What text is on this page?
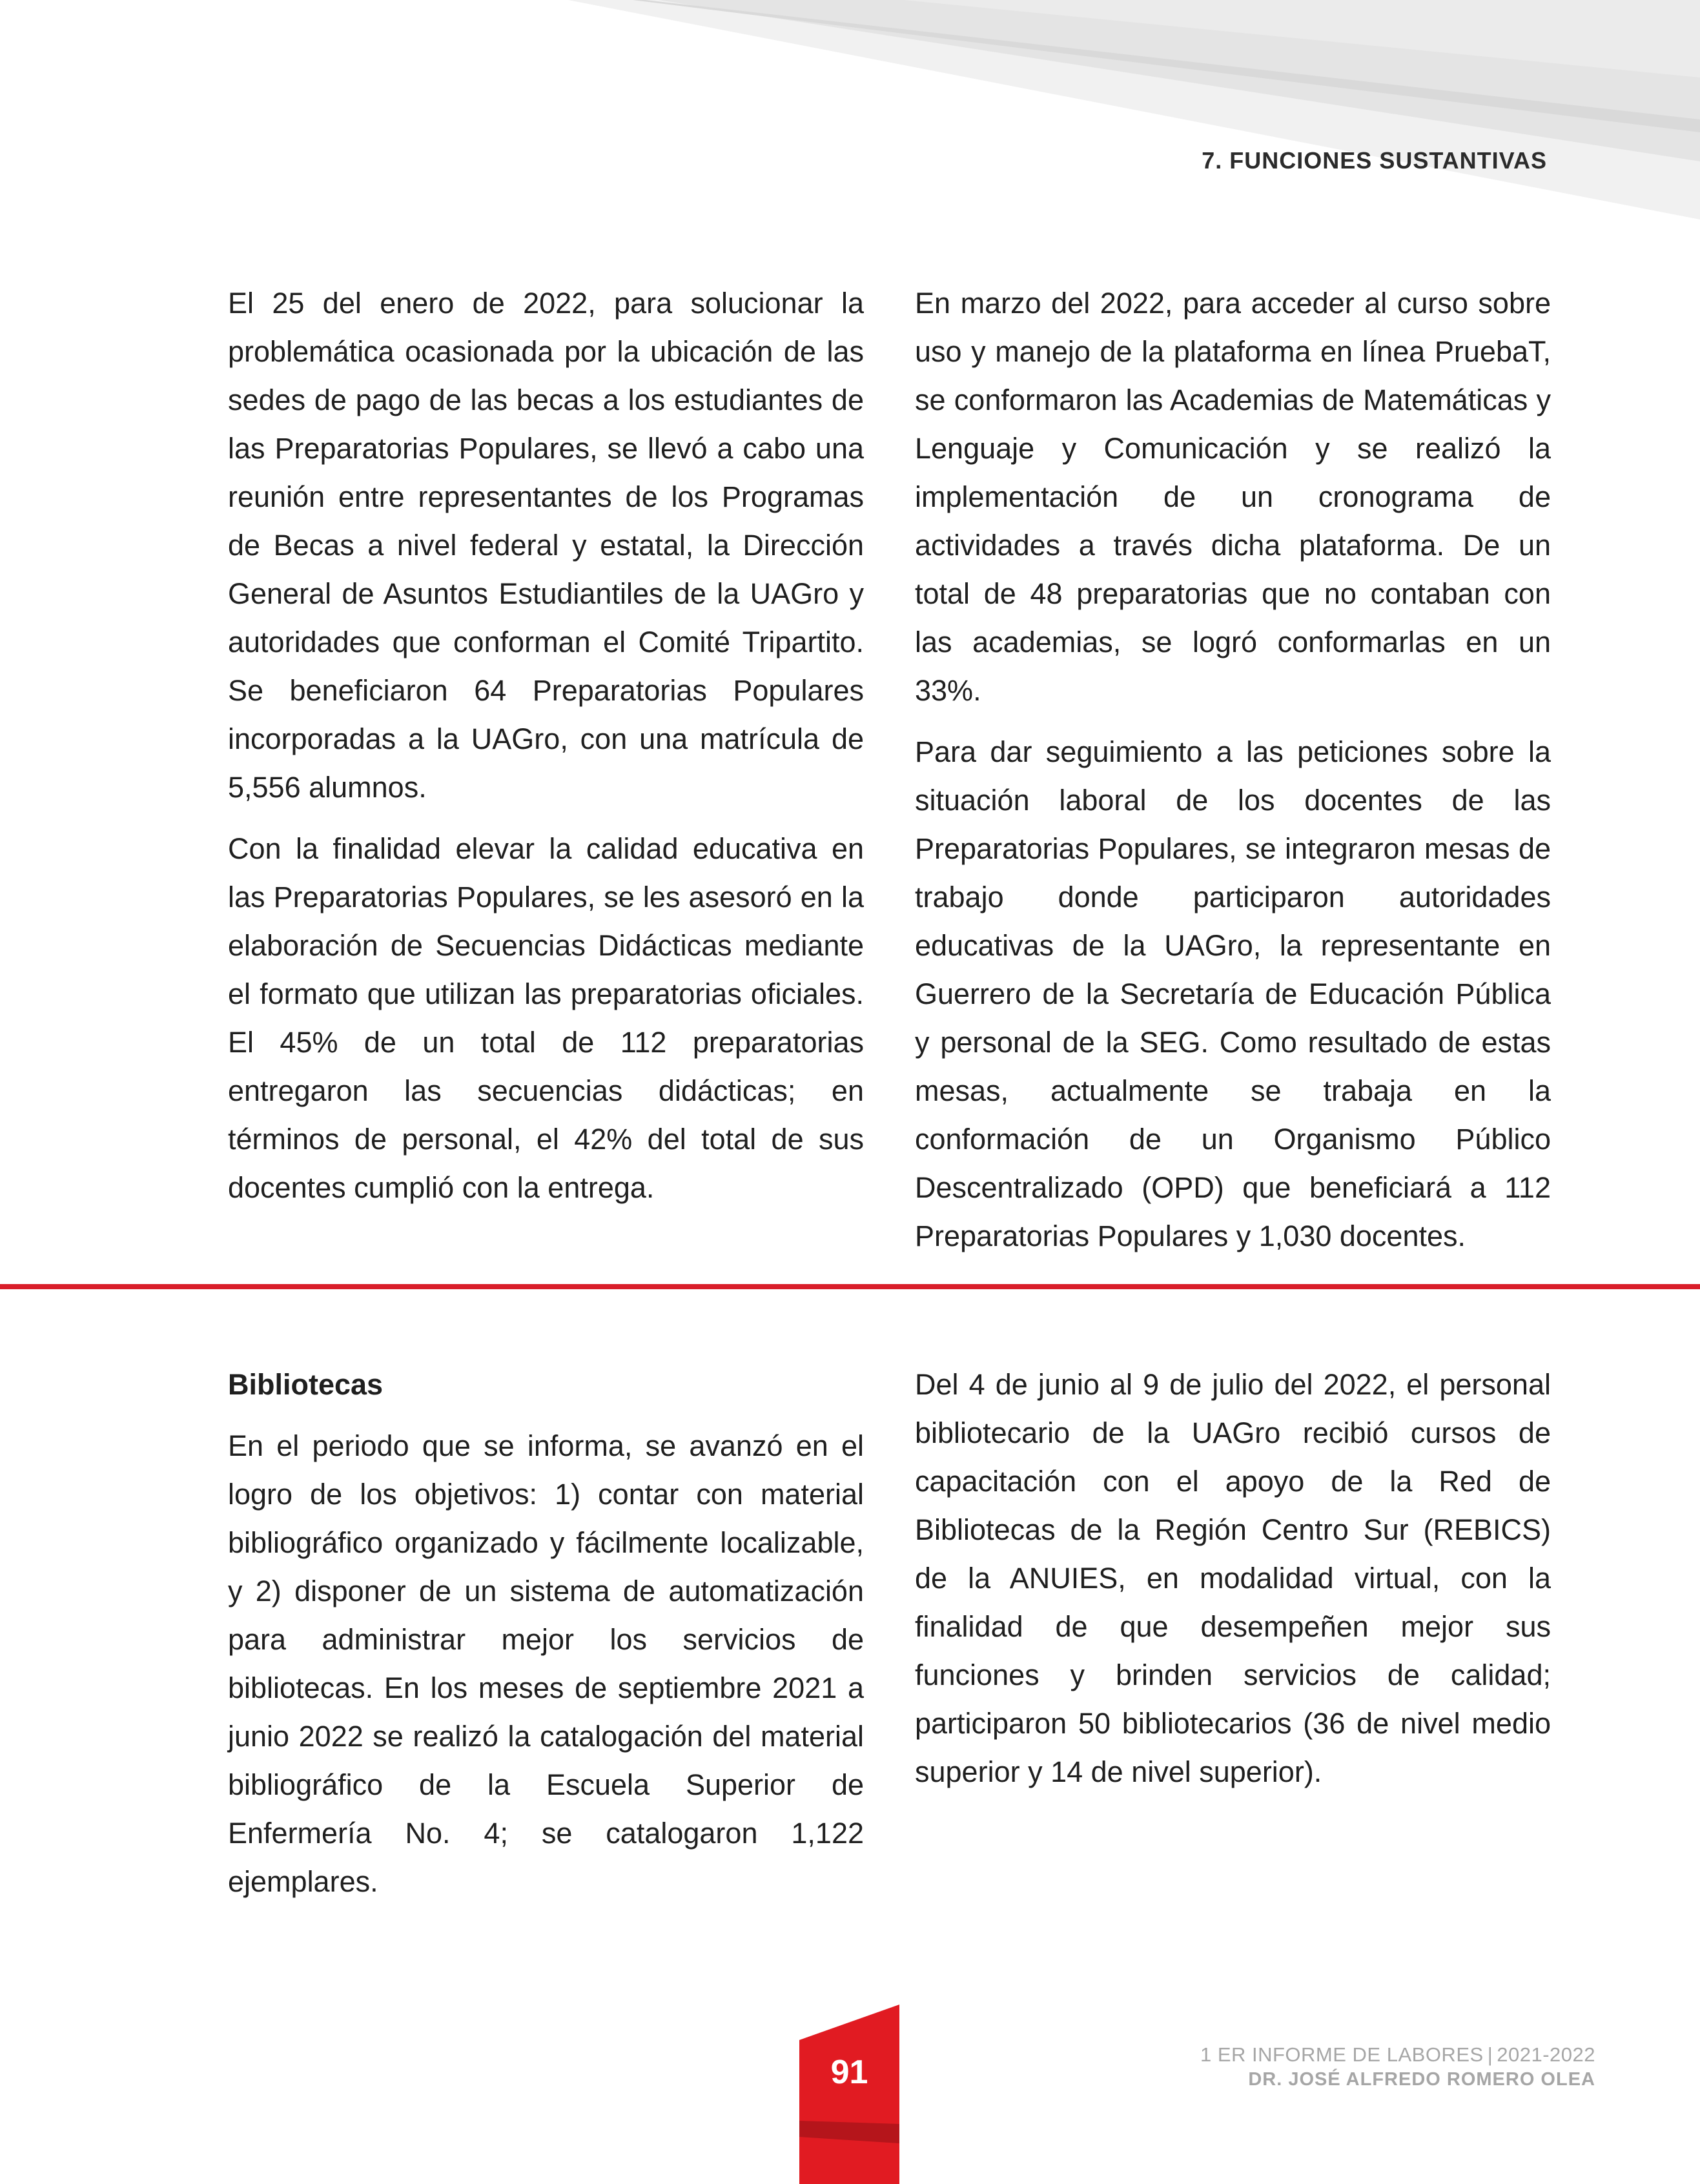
7. FUNCIONES SUSTANTIVAS

El 25 del enero de 2022, para solucionar la problemática ocasionada por la ubicación de las sedes de pago de las becas a los estudiantes de las Preparatorias Populares, se llevó a cabo una reunión entre representantes de los Programas de Becas a nivel federal y estatal, la Dirección General de Asuntos Estudiantiles de la UAGro y autoridades que conforman el Comité Tripartito. Se beneficiaron 64 Preparatorias Populares incorporadas a la UAGro, con una matrícula de 5,556 alumnos.

Con la finalidad elevar la calidad educativa en las Preparatorias Populares, se les asesoró en la elaboración de Secuencias Didácticas mediante el formato que utilizan las preparatorias oficiales. El 45% de un total de 112 preparatorias entregaron las secuencias didácticas; en términos de personal, el 42% del total de sus docentes cumplió con la entrega.

En marzo del 2022, para acceder al curso sobre uso y manejo de la plataforma en línea PruebaT, se conformaron las Academias de Matemáticas y Lenguaje y Comunicación y se realizó la implementación de un cronograma de actividades a través dicha plataforma. De un total de 48 preparatorias que no contaban con las academias, se logró conformarlas en un 33%.

Para dar seguimiento a las peticiones sobre la situación laboral de los docentes de las Preparatorias Populares, se integraron mesas de trabajo donde participaron autoridades educativas de la UAGro, la representante en Guerrero de la Secretaría de Educación Pública y personal de la SEG. Como resultado de estas mesas, actualmente se trabaja en la conformación de un Organismo Público Descentralizado (OPD) que beneficiará a 112 Preparatorias Populares y 1,030 docentes.

Bibliotecas

En el periodo que se informa, se avanzó en el logro de los objetivos: 1) contar con material bibliográfico organizado y fácilmente localizable, y 2) disponer de un sistema de automatización para administrar mejor los servicios de bibliotecas. En los meses de septiembre 2021 a junio 2022 se realizó la catalogación del material bibliográfico de la Escuela Superior de Enfermería No. 4; se catalogaron 1,122 ejemplares.

Del 4 de junio al 9 de julio del 2022, el personal bibliotecario de la UAGro recibió cursos de capacitación con el apoyo de la Red de Bibliotecas de la Región Centro Sur (REBICS) de la ANUIES, en modalidad virtual, con la finalidad de que desempeñen mejor sus funciones y brinden servicios de calidad; participaron 50 bibliotecarios (36 de nivel medio superior y 14 de nivel superior).

91	1 ER INFORME DE LABORES | 2021-2022
DR. JOSÉ ALFREDO ROMERO OLEA
